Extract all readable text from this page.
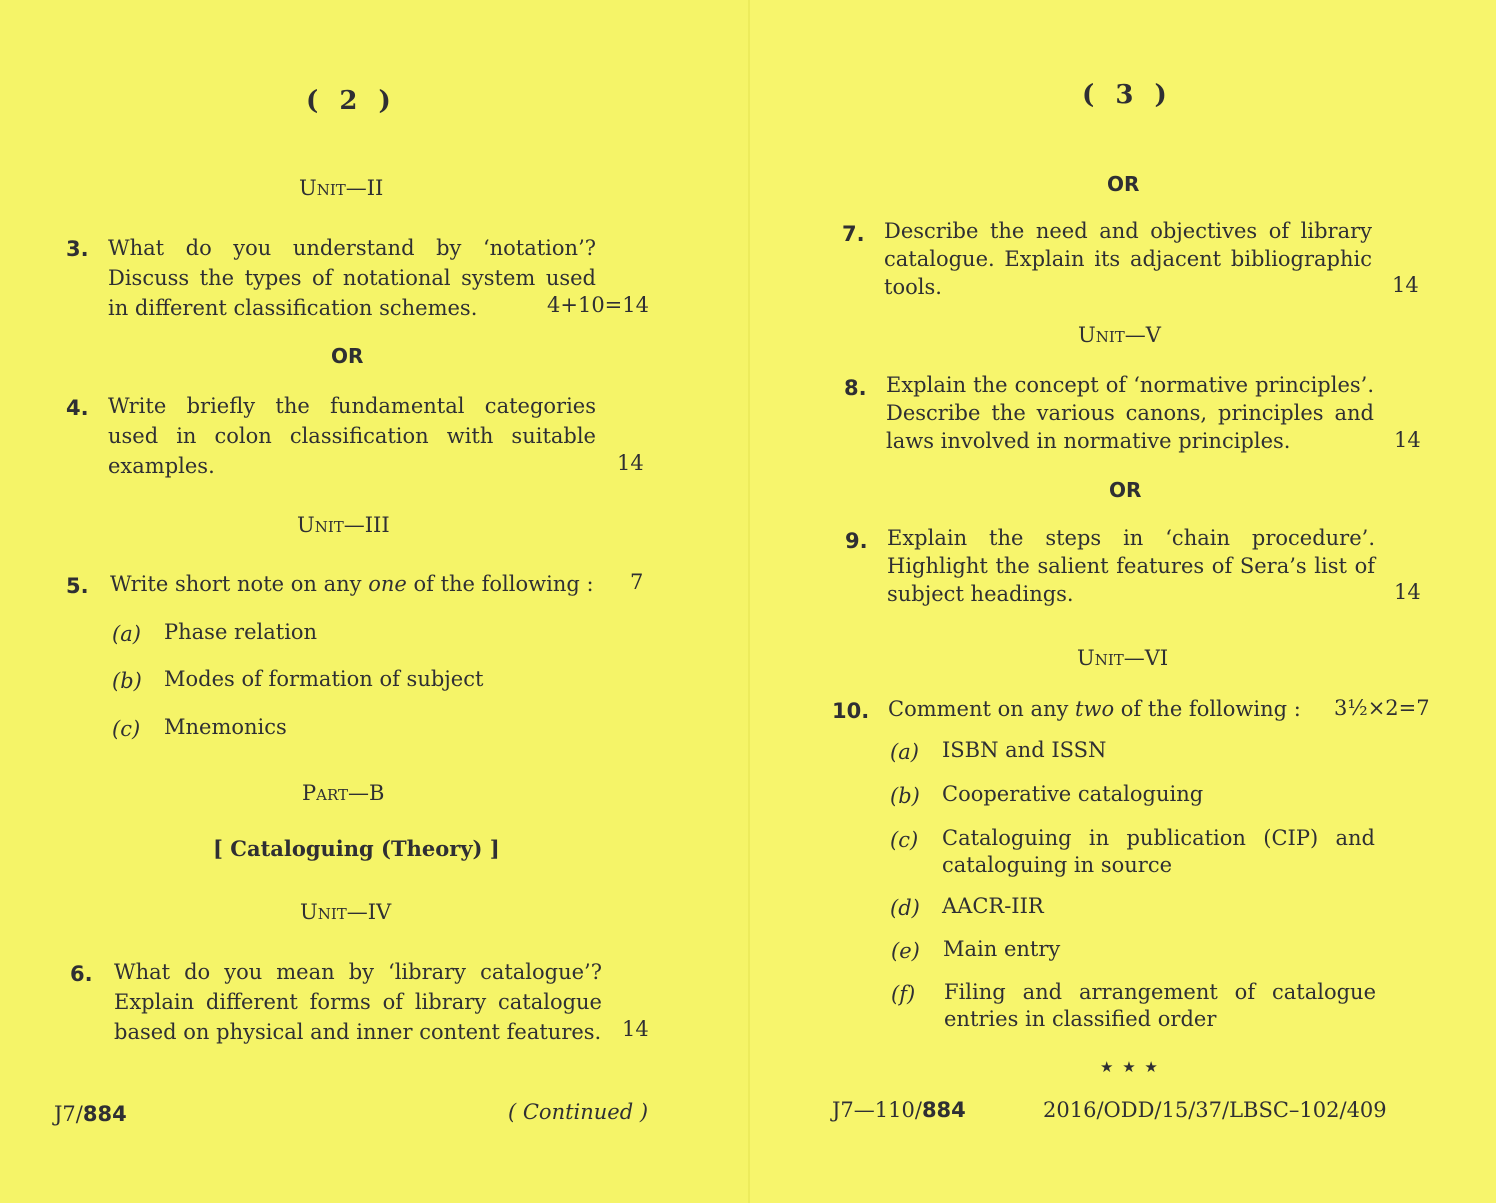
( 2 )
Unit—II
3. What do you understand by ‘notation’? Discuss the types of notational system used in different classification schemes.	4+10=14
OR
4. Write briefly the fundamental categories used in colon classification with suitable examples.	14
Unit—III
5. Write short note on any one of the following : 7
(a) Phase relation
(b) Modes of formation of subject
(c) Mnemonics
Part—B
[ Cataloguing (Theory) ]
Unit—IV
6. What do you mean by ‘library catalogue’? Explain different forms of library catalogue based on physical and inner content features. 14
J7/884	( Continued )
( 3 )
OR
7. Describe the need and objectives of library catalogue. Explain its adjacent bibliographic tools.	14
Unit—V
8. Explain the concept of ‘normative principles’. Describe the various canons, principles and laws involved in normative principles.	14
OR
9. Explain the steps in ‘chain procedure’. Highlight the salient features of Sera’s list of subject headings.	14
Unit—VI
10. Comment on any two of the following : 3½×2=7
(a) ISBN and ISSN
(b) Cooperative cataloguing
(c) Cataloguing in publication (CIP) and cataloguing in source
(d) AACR-IIR
(e) Main entry
(f) Filing and arrangement of catalogue entries in classified order
★ ★ ★
J7—110/884	2016/ODD/15/37/LBSC–102/409
